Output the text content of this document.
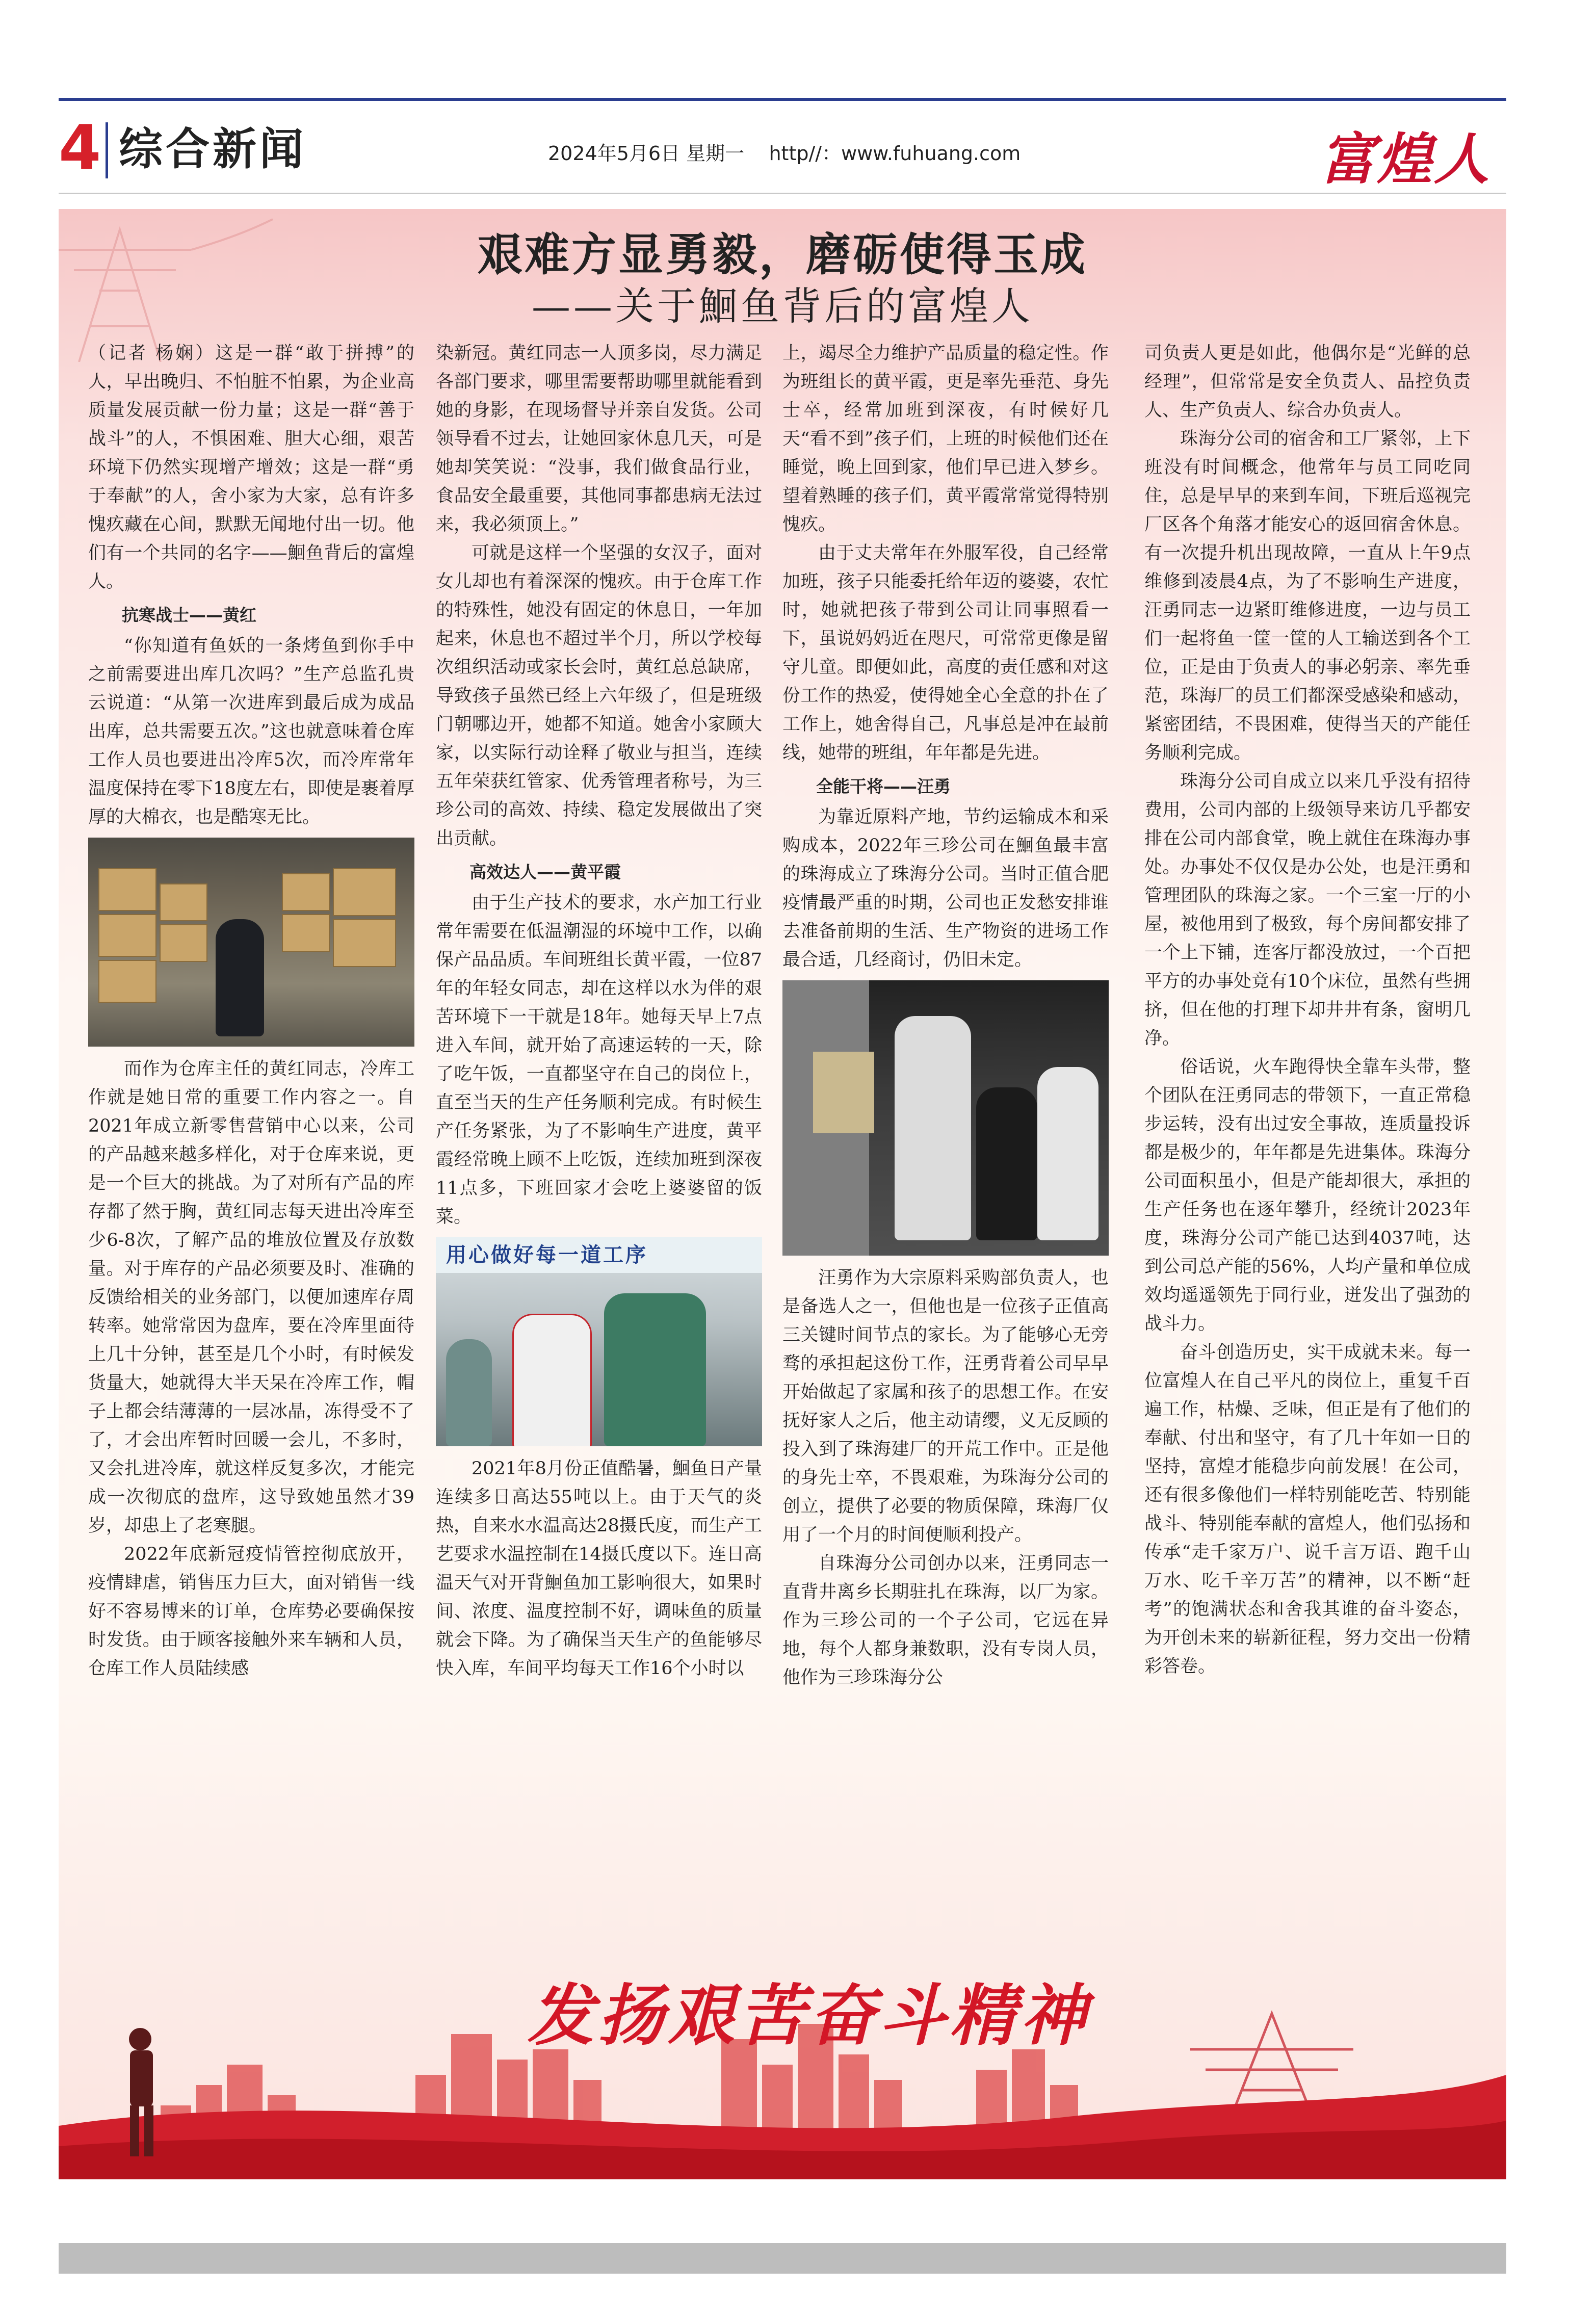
4 综合新闻	2024年5月6日 星期一 http//：www.fuhuang.com	富煌人
艰难方显勇毅，磨砺使得玉成
——关于鮰鱼背后的富煌人

（记者 杨娴）这是一群“敢于拼搏”的人，早出晚归、不怕脏不怕累，为企业高质量发展贡献一份力量；这是一群“善于战斗”的人，不惧困难、胆大心细，艰苦环境下仍然实现增产增效；这是一群“勇于奉献”的人，舍小家为大家，总有许多愧疚藏在心间，默默无闻地付出一切。他们有一个共同的名字——鮰鱼背后的富煌人。

抗寒战士——黄红

“你知道有鱼妖的一条烤鱼到你手中之前需要进出库几次吗？”生产总监孔贵云说道：“从第一次进库到最后成为成品出库，总共需要五次。”这也就意味着仓库工作人员也要进出冷库5次，而冷库常年温度保持在零下18度左右，即使是裹着厚厚的大棉衣，也是酷寒无比。

而作为仓库主任的黄红同志，冷库工作就是她日常的重要工作内容之一。自2021年成立新零售营销中心以来，公司的产品越来越多样化，对于仓库来说，更是一个巨大的挑战。为了对所有产品的库存都了然于胸，黄红同志每天进出冷库至少6-8次，了解产品的堆放位置及存放数量。对于库存的产品必须要及时、准确的反馈给相关的业务部门，以便加速库存周转率。她常常因为盘库，要在冷库里面待上几十分钟，甚至是几个小时，有时候发货量大，她就得大半天呆在冷库工作，帽子上都会结薄薄的一层冰晶，冻得受不了了，才会出库暂时回暖一会儿，不多时，又会扎进冷库，就这样反复多次，才能完成一次彻底的盘库，这导致她虽然才39岁，却患上了老寒腿。

2022年底新冠疫情管控彻底放开，疫情肆虐，销售压力巨大，面对销售一线好不容易博来的订单，仓库势必要确保按时发货。由于顾客接触外来车辆和人员，仓库工作人员陆续感

染新冠。黄红同志一人顶多岗，尽力满足各部门要求，哪里需要帮助哪里就能看到她的身影，在现场督导并亲自发货。公司领导看不过去，让她回家休息几天，可是她却笑笑说：“没事，我们做食品行业，食品安全最重要，其他同事都患病无法过来，我必须顶上。”

可就是这样一个坚强的女汉子，面对女儿却也有着深深的愧疚。由于仓库工作的特殊性，她没有固定的休息日，一年加起来，休息也不超过半个月，所以学校每次组织活动或家长会时，黄红总总缺席，导致孩子虽然已经上六年级了，但是班级门朝哪边开，她都不知道。她舍小家顾大家，以实际行动诠释了敬业与担当，连续五年荣获红管家、优秀管理者称号，为三珍公司的高效、持续、稳定发展做出了突出贡献。

高效达人——黄平霞

由于生产技术的要求，水产加工行业常年需要在低温潮湿的环境中工作，以确保产品品质。车间班组长黄平霞，一位87年的年轻女同志，却在这样以水为伴的艰苦环境下一干就是18年。她每天早上7点进入车间，就开始了高速运转的一天，除了吃午饭，一直都坚守在自己的岗位上，直至当天的生产任务顺利完成。有时候生产任务紧张，为了不影响生产进度，黄平霞经常晚上顾不上吃饭，连续加班到深夜11点多，下班回家才会吃上婆婆留的饭菜。

用心做好每一道工序

2021年8月份正值酷暑，鮰鱼日产量连续多日高达55吨以上。由于天气的炎热，自来水水温高达28摄氏度，而生产工艺要求水温控制在14摄氏度以下。连日高温天气对开背鮰鱼加工影响很大，如果时间、浓度、温度控制不好，调味鱼的质量就会下降。为了确保当天生产的鱼能够尽快入库，车间平均每天工作16个小时以

上，竭尽全力维护产品质量的稳定性。作为班组长的黄平霞，更是率先垂范、身先士卒，经常加班到深夜，有时候好几天“看不到”孩子们，上班的时候他们还在睡觉，晚上回到家，他们早已进入梦乡。望着熟睡的孩子们，黄平霞常常觉得特别愧疚。

由于丈夫常年在外服军役，自己经常加班，孩子只能委托给年迈的婆婆，农忙时，她就把孩子带到公司让同事照看一下，虽说妈妈近在咫尺，可常常更像是留守儿童。即便如此，高度的责任感和对这份工作的热爱，使得她全心全意的扑在了工作上，她舍得自己，凡事总是冲在最前线，她带的班组，年年都是先进。

全能干将——汪勇

为靠近原料产地，节约运输成本和采购成本，2022年三珍公司在鮰鱼最丰富的珠海成立了珠海分公司。当时正值合肥疫情最严重的时期，公司也正发愁安排谁去准备前期的生活、生产物资的进场工作最合适，几经商讨，仍旧未定。

汪勇作为大宗原料采购部负责人，也是备选人之一，但他也是一位孩子正值高三关键时间节点的家长。为了能够心无旁骛的承担起这份工作，汪勇背着公司早早开始做起了家属和孩子的思想工作。在安抚好家人之后，他主动请缨，义无反顾的投入到了珠海建厂的开荒工作中。正是他的身先士卒，不畏艰难，为珠海分公司的创立，提供了必要的物质保障，珠海厂仅用了一个月的时间便顺利投产。

自珠海分公司创办以来，汪勇同志一直背井离乡长期驻扎在珠海，以厂为家。作为三珍公司的一个子公司，它远在异地，每个人都身兼数职，没有专岗人员，他作为三珍珠海分公

司负责人更是如此，他偶尔是“光鲜的总经理”，但常常是安全负责人、品控负责人、生产负责人、综合办负责人。

珠海分公司的宿舍和工厂紧邻，上下班没有时间概念，他常年与员工同吃同住，总是早早的来到车间，下班后巡视完厂区各个角落才能安心的返回宿舍休息。有一次提升机出现故障，一直从上午9点维修到凌晨4点，为了不影响生产进度，汪勇同志一边紧盯维修进度，一边与员工们一起将鱼一筐一筐的人工输送到各个工位，正是由于负责人的事必躬亲、率先垂范，珠海厂的员工们都深受感染和感动，紧密团结，不畏困难，使得当天的产能任务顺利完成。

珠海分公司自成立以来几乎没有招待费用，公司内部的上级领导来访几乎都安排在公司内部食堂，晚上就住在珠海办事处。办事处不仅仅是办公处，也是汪勇和管理团队的珠海之家。一个三室一厅的小屋，被他用到了极致，每个房间都安排了一个上下铺，连客厅都没放过，一个百把平方的办事处竟有10个床位，虽然有些拥挤，但在他的打理下却井井有条，窗明几净。

俗话说，火车跑得快全靠车头带，整个团队在汪勇同志的带领下，一直正常稳步运转，没有出过安全事故，连质量投诉都是极少的，年年都是先进集体。珠海分公司面积虽小，但是产能却很大，承担的生产任务也在逐年攀升，经统计2023年度，珠海分公司产能已达到4037吨，达到公司总产能的56%，人均产量和单位成效均遥遥领先于同行业，迸发出了强劲的战斗力。

奋斗创造历史，实干成就未来。每一位富煌人在自己平凡的岗位上，重复千百遍工作，枯燥、乏味，但正是有了他们的奉献、付出和坚守，有了几十年如一日的坚持，富煌才能稳步向前发展！在公司，还有很多像他们一样特别能吃苦、特别能战斗、特别能奉献的富煌人，他们弘扬和传承“走千家万户、说千言万语、跑千山万水、吃千辛万苦”的精神，以不断“赶考”的饱满状态和舍我其谁的奋斗姿态，为开创未来的崭新征程，努力交出一份精彩答卷。

发扬艰苦奋斗精神
